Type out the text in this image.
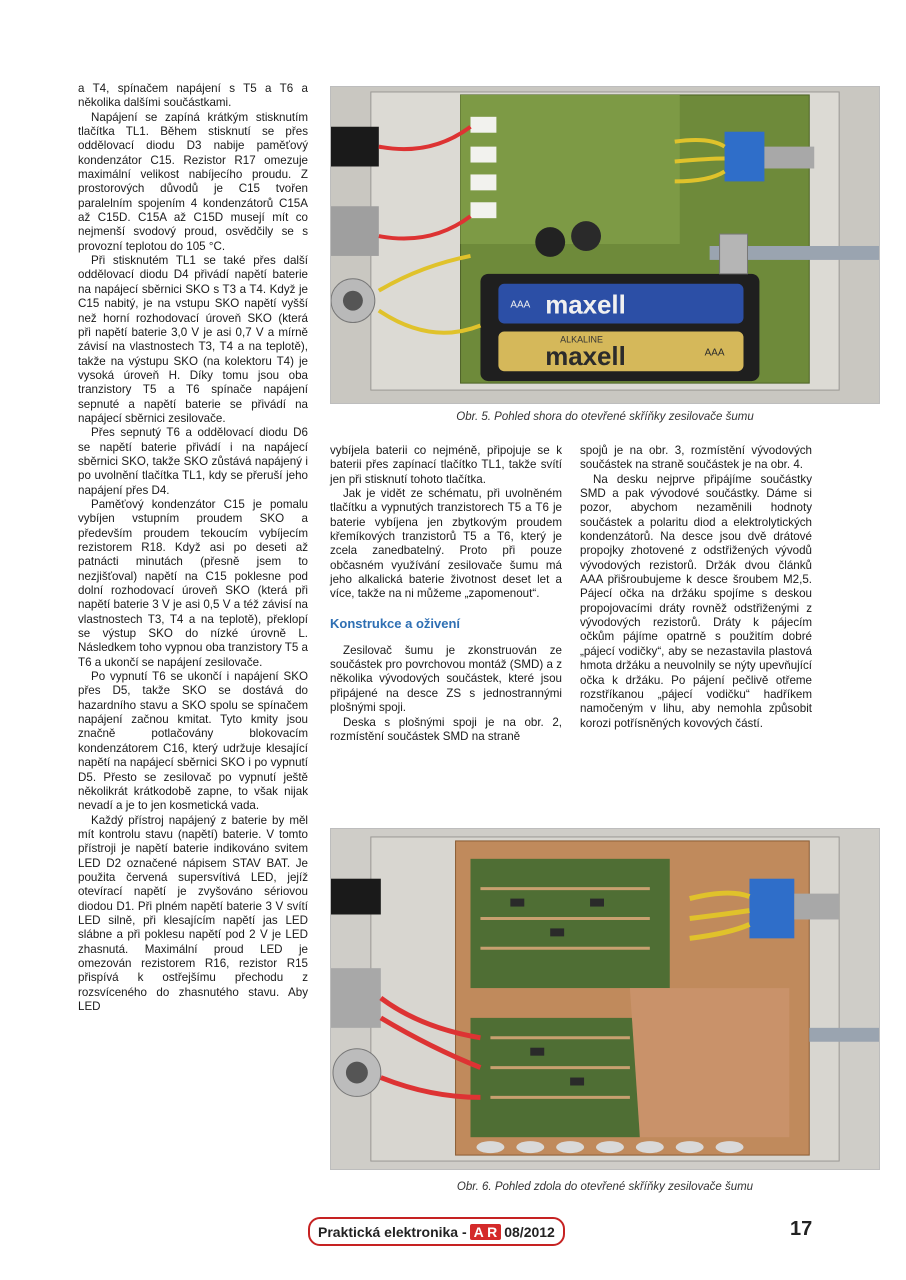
a T4, spínačem napájení s T5 a T6 a několika dalšími součástkami.

Napájení se zapíná krátkým stisknutím tlačítka TL1. Během stisknutí se přes oddělovací diodu D3 nabije paměťový kondenzátor C15. Rezistor R17 omezuje maximální velikost nabíjecího proudu. Z prostorových důvodů je C15 tvořen paralelním spojením 4 kondenzátorů C15A až C15D. C15A až C15D musejí mít co nejmenší svodový proud, osvědčily se s provozní teplotou do 105 °C.

Při stisknutém TL1 se také přes další oddělovací diodu D4 přivádí napětí baterie na napájecí sběrnici SKO s T3 a T4. Když je C15 nabitý, je na vstupu SKO napětí vyšší než horní rozhodovací úroveň SKO (která při napětí baterie 3,0 V je asi 0,7 V a mírně závisí na vlastnostech T3, T4 a na teplotě), takže na výstupu SKO (na kolektoru T4) je vysoká úroveň H. Díky tomu jsou oba tranzistory T5 a T6 spínače napájení sepnuté a napětí baterie se přivádí na napájecí sběrnici zesilovače.

Přes sepnutý T6 a oddělovací diodu D6 se napětí baterie přivádí i na napájecí sběrnici SKO, takže SKO zůstává napájený i po uvolnění tlačítka TL1, kdy se přeruší jeho napájení přes D4.

Paměťový kondenzátor C15 je pomalu vybíjen vstupním proudem SKO a především proudem tekoucím vybíjecím rezistorem R18. Když asi po deseti až patnácti minutách (přesně jsem to nezjišťoval) napětí na C15 poklesne pod dolní rozhodovací úroveň SKO (která při napětí baterie 3 V je asi 0,5 V a též závisí na vlastnostech T3, T4 a na teplotě), překlopí se výstup SKO do nízké úrovně L. Následkem toho vypnou oba tranzistory T5 a T6 a ukončí se napájení zesilovače.

Po vypnutí T6 se ukončí i napájení SKO přes D5, takže SKO se dostává do hazardního stavu a SKO spolu se spínačem napájení začnou kmitat. Tyto kmity jsou značně potlačovány blokovacím kondenzátorem C16, který udržuje klesající napětí na napájecí sběrnici SKO i po vypnutí D5. Přesto se zesilovač po vypnutí ještě několikrát krátkodobě zapne, to však nijak nevadí a je to jen kosmetická vada.

Každý přístroj napájený z baterie by měl mít kontrolu stavu (napětí) baterie. V tomto přístroji je napětí baterie indikováno svitem LED D2 označené nápisem STAV BAT. Je použita červená supersvítivá LED, jejíž otevírací napětí je zvyšováno sériovou diodou D1. Při plném napětí baterie 3 V svítí LED silně, při klesajícím napětí jas LED slábne a při poklesu napětí pod 2 V je LED zhasnutá. Maximální proud LED je omezován rezistorem R16, rezistor R15 přispívá k ostřejšímu přechodu z rozsvíceného do zhasnutého stavu. Aby LED

maxell
AAA
ALKALINE
maxell	AAA
Obr. 5. Pohled shora do otevřené skříňky zesilovače šumu

vybíjela baterii co nejméně, připojuje se k baterii přes zapínací tlačítko TL1, takže svítí jen při stisknutí tohoto tlačítka.

Jak je vidět ze schématu, při uvolněném tlačítku a vypnutých tranzistorech T5 a T6 je baterie vybíjena jen zbytkovým proudem křemíkových tranzistorů T5 a T6, který je zcela zanedbatelný. Proto při pouze občasném využívání zesilovače šumu má jeho alkalická baterie životnost deset let a více, takže na ni můžeme „zapomenout“.

Konstrukce a oživení

Zesilovač šumu je zkonstruován ze součástek pro povrchovou montáž (SMD) a z několika vývodových součástek, které jsou připájené na desce ZS s jednostrannými plošnými spoji.

Deska s plošnými spoji je na obr. 2, rozmístění součástek SMD na straně

spojů je na obr. 3, rozmístění vývodových součástek na straně součástek je na obr. 4.

Na desku nejprve připájíme součástky SMD a pak vývodové součástky. Dáme si pozor, abychom nezaměnili hodnoty součástek a polaritu diod a elektrolytických kondenzátorů. Na desce jsou dvě drátové propojky zhotovené z odstřižených vývodů vývodových rezistorů. Držák dvou článků AAA přišroubujeme k desce šroubem M2,5. Pájecí očka na držáku spojíme s deskou propojovacími dráty rovněž odstřiženými z vývodových rezistorů. Dráty k pájecím očkům pájíme opatrně s použitím dobré „pájecí vodičky“, aby se nezastavila plastová hmota držáku a neuvolnily se nýty upevňující očka k držáku. Po pájení pečlivě otřeme rozstříkanou „pájecí vodičku“ hadříkem namočeným v lihu, aby nemohla způsobit korozi potřísněných kovových částí.

Obr. 6. Pohled zdola do otevřené skříňky zesilovače šumu
Praktická elektronika - A R 08/2012	17
